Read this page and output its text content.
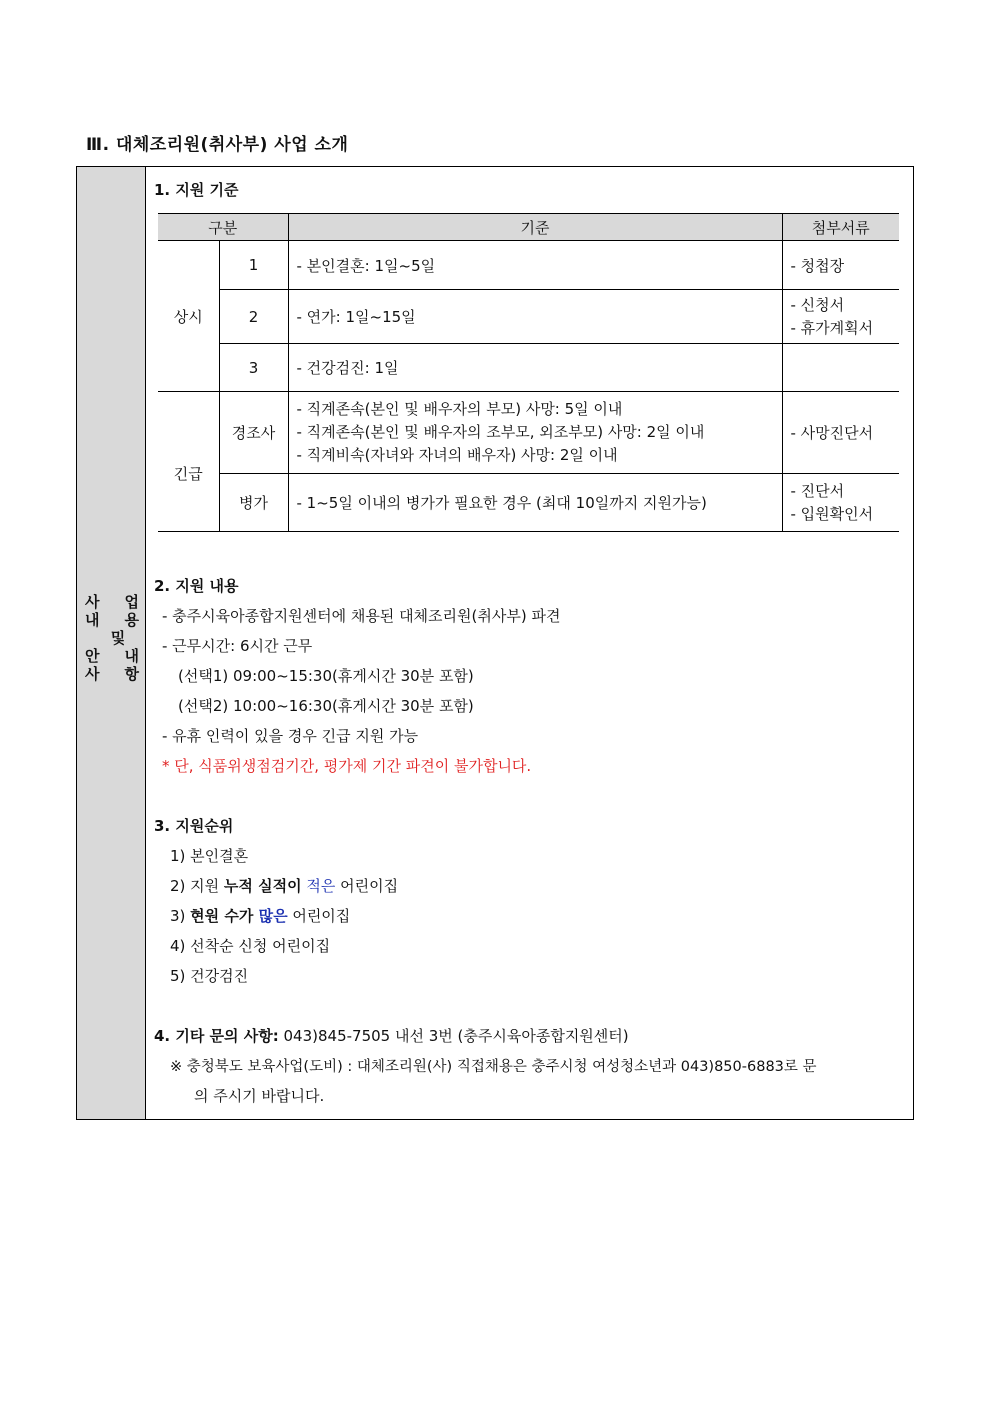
Ⅲ. 대체조리원(취사부) 사업 소개
사 업
내 용
및
안 내
사 항
1. 지원 기준
구분		기준	첨부서류
상시	1	- 본인결혼: 1일~5일	- 청첩장
	2	- 연가: 1일~15일	- 신청서
- 휴가계획서

	3	- 건강검진: 1일	
긴급	경조사	- 직계존속(본인 및 배우자의 부모) 사망: 5일 이내
- 직계존속(본인 및 배우자의 조부모, 외조부모) 사망: 2일 이내
- 직계비속(자녀와 자녀의 배우자) 사망: 2일 이내	- 사망진단서
	병가	- 1~5일 이내의 병가가 필요한 경우 (최대 10일까지 지원가능)	- 진단서
- 입원확인서
2. 지원 내용
- 충주시육아종합지원센터에 채용된 대체조리원(취사부) 파견
- 근무시간: 6시간 근무
(선택1) 09:00~15:30(휴게시간 30분 포함)
(선택2) 10:00~16:30(휴게시간 30분 포함)
- 유휴 인력이 있을 경우 긴급 지원 가능
* 단, 식품위생점검기간, 평가제 기간 파견이 불가합니다.
3. 지원순위
1) 본인결혼
2) 지원 누적 실적이 적은 어린이집
3) 현원 수가 많은 어린이집
4) 선착순 신청 어린이집
5) 건강검진
4. 기타 문의 사항: 043)845-7505 내선 3번 (충주시육아종합지원센터)
※ 충청북도 보육사업(도비) : 대체조리원(사) 직접채용은 충주시청 여성청소년과 043)850-6883로 문
의 주시기 바랍니다.
